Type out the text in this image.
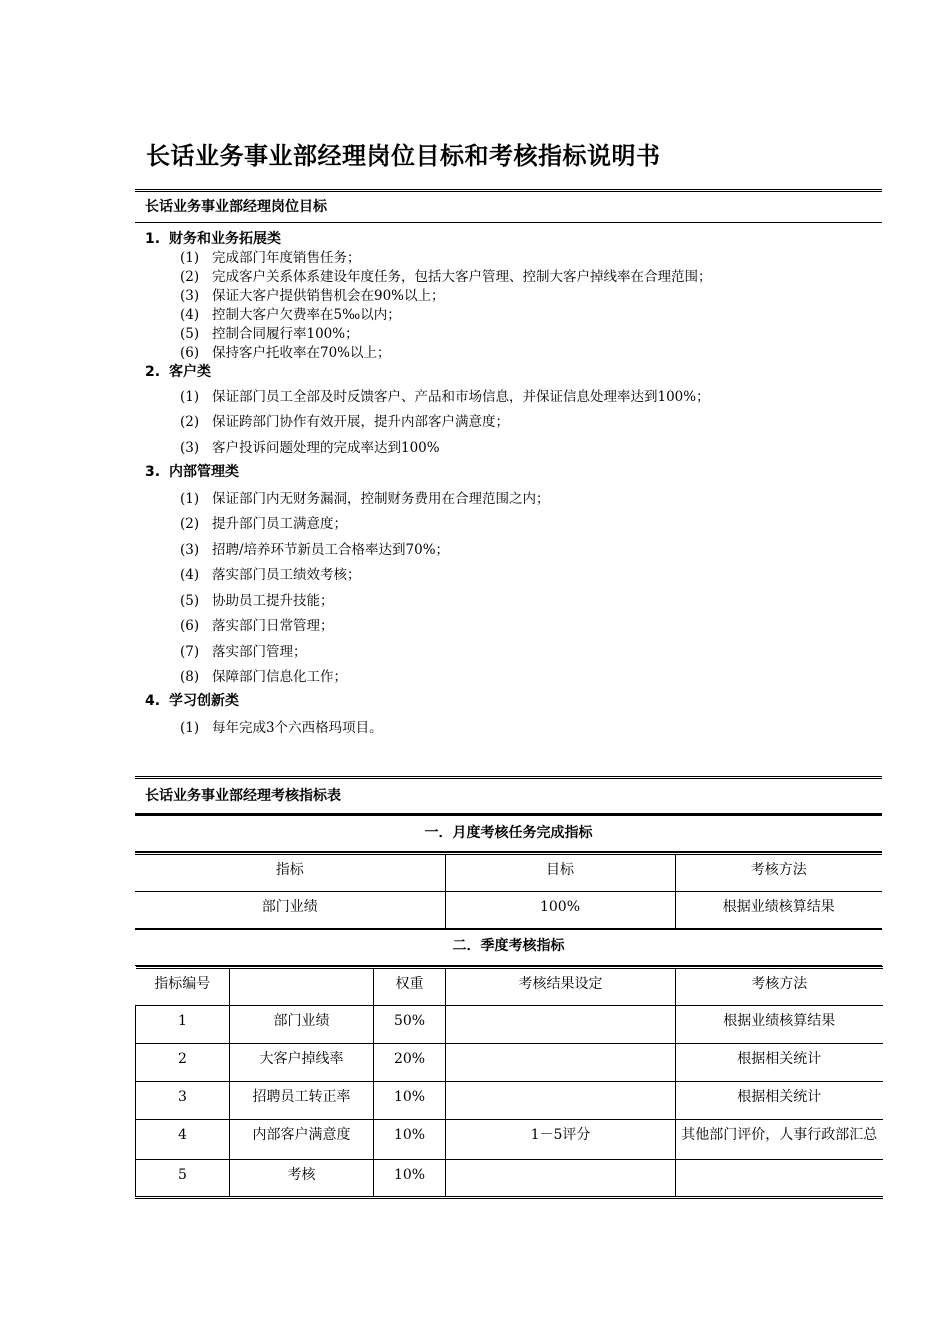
长话业务事业部经理岗位目标和考核指标说明书
长话业务事业部经理岗位目标
1. 财务和业务拓展类
(1) 完成部门年度销售任务；
(2) 完成客户关系体系建设年度任务，包括大客户管理、控制大客户掉线率在合理范围；
(3) 保证大客户提供销售机会在90%以上；
(4) 控制大客户欠费率在5‰以内；
(5) 控制合同履行率100%；
(6) 保持客户托收率在70%以上；
2. 客户类
(1) 保证部门员工全部及时反馈客户、产品和市场信息，并保证信息处理率达到100%；
(2) 保证跨部门协作有效开展，提升内部客户满意度；
(3) 客户投诉问题处理的完成率达到100%
3. 内部管理类
(1) 保证部门内无财务漏洞，控制财务费用在合理范围之内；
(2) 提升部门员工满意度；
(3) 招聘/培养环节新员工合格率达到70%；
(4) 落实部门员工绩效考核；
(5) 协助员工提升技能；
(6) 落实部门日常管理；
(7) 落实部门管理；
(8) 保障部门信息化工作；
4. 学习创新类
(1) 每年完成3个六西格玛项目。
长话业务事业部经理考核指标表
一．月度考核任务完成指标
指标	目标	考核方法
部门业绩	100%	根据业绩核算结果
二．季度考核指标
指标编号		权重	考核结果设定	考核方法
1	部门业绩	50%		根据业绩核算结果
2	大客户掉线率	20%		根据相关统计
3	招聘员工转正率	10%		根据相关统计
4	内部客户满意度	10%	1－5评分	其他部门评价，人事行政部汇总
5	考核	10%		
